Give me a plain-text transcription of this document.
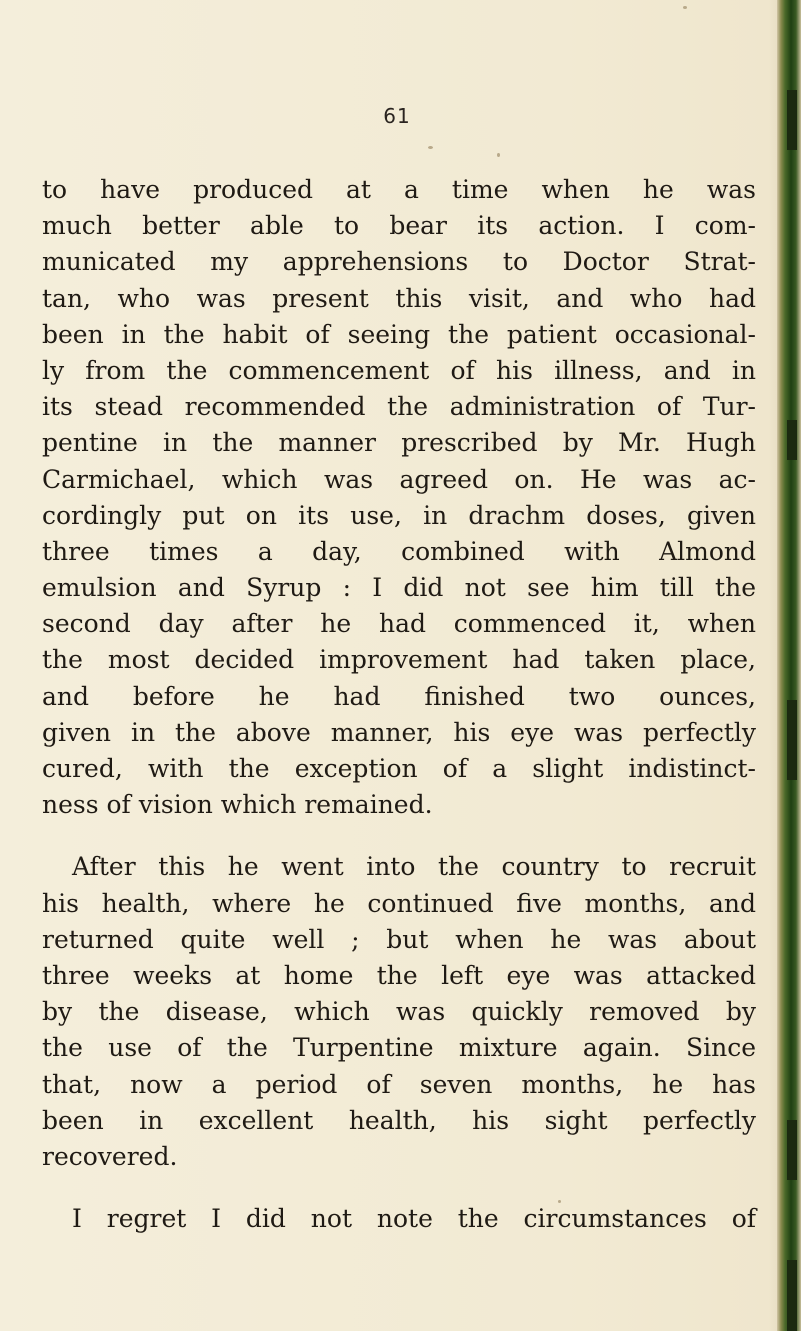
61
to have produced at a time when he was
much better able to bear its action. I com-
municated my apprehensions to Doctor Strat-
tan, who was present this visit, and who had
been in the habit of seeing the patient occasional-
ly from the commencement of his illness, and in
its stead recommended the administration of Tur-
pentine in the manner prescribed by Mr. Hugh
Carmichael, which was agreed on. He was ac-
cordingly put on its use, in drachm doses, given
three times a day, combined with Almond
emulsion and Syrup : I did not see him till the
second day after he had commenced it, when
the most decided improvement had taken place,
and before he had finished two ounces,
given in the above manner, his eye was perfectly
cured, with the exception of a slight indistinct-
ness of vision which remained.
After this he went into the country to recruit
his health, where he continued five months, and
returned quite well ; but when he was about
three weeks at home the left eye was attacked
by the disease, which was quickly removed by
the use of the Turpentine mixture again. Since
that, now a period of seven months, he has
been in excellent health, his sight perfectly
recovered.
I regret I did not note the circumstances of
